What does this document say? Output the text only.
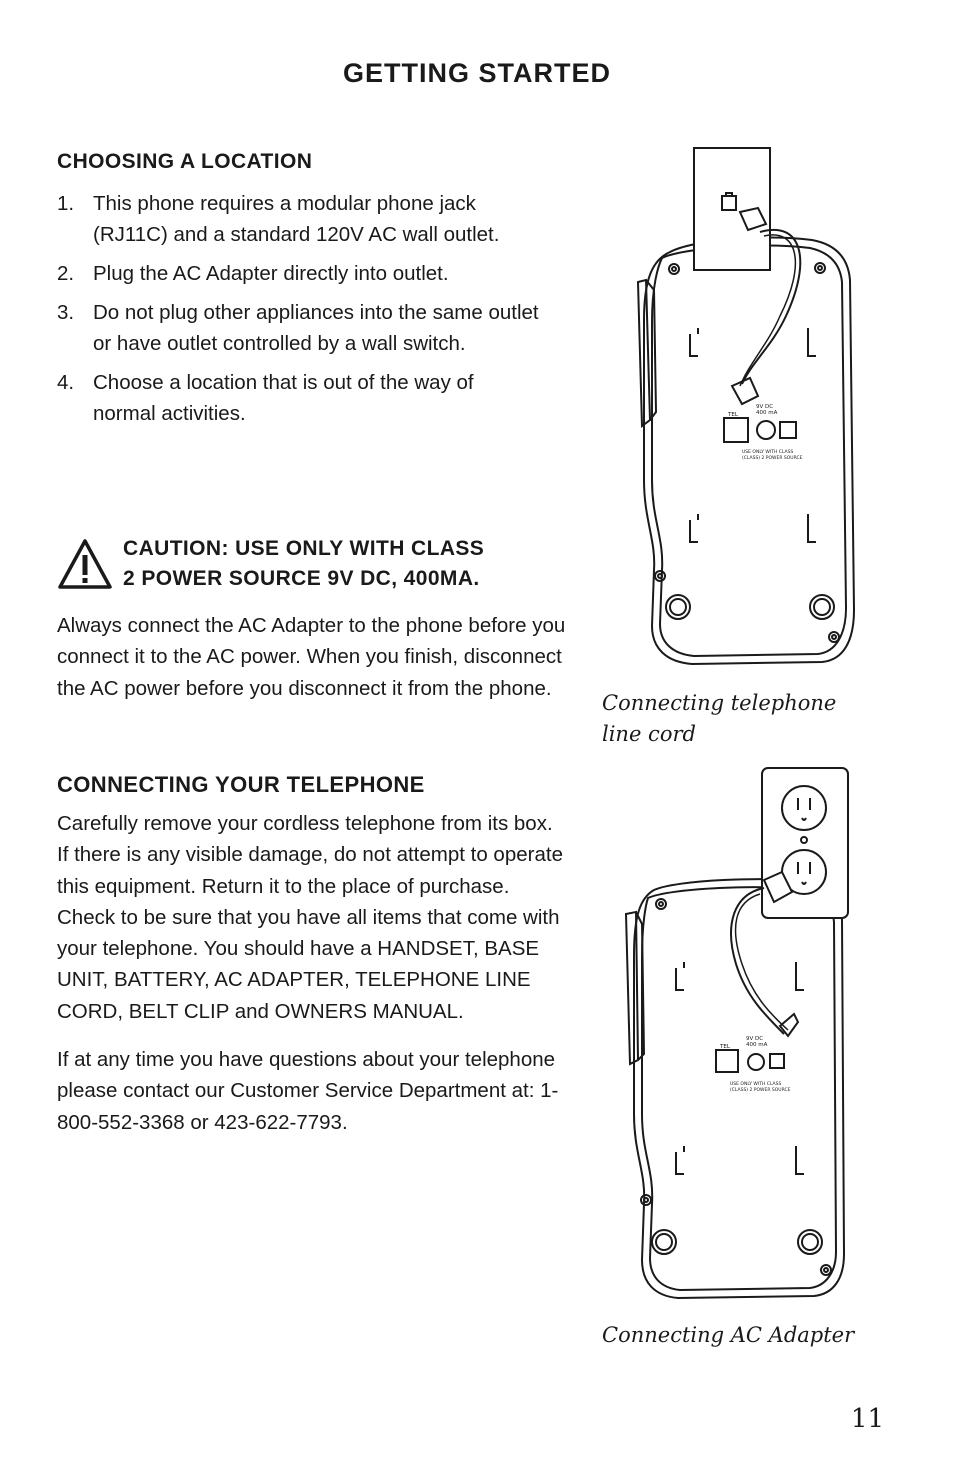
GETTING STARTED
CHOOSING A LOCATION
1. This phone requires a modular phone jack (RJ11C) and a standard 120V AC wall outlet.
2. Plug the AC Adapter directly into outlet.
3. Do not plug other appliances into the same outlet or have outlet controlled by a wall switch.
4. Choose a location that is out of the way of normal activities.
CAUTION: USE ONLY WITH CLASS
2 POWER SOURCE 9V DC, 400MA.

Always connect the AC Adapter to the phone before you connect it to the AC power. When you finish, disconnect the AC power before you disconnect it from the phone.

CONNECTING YOUR TELEPHONE

Carefully remove your cordless telephone from its box. If there is any visible damage, do not attempt to operate this equipment. Return it to the place of purchase. Check to be sure that you have all items that come with your telephone. You should have a HANDSET, BASE UNIT, BATTERY, AC ADAPTER, TELEPHONE LINE CORD, BELT CLIP and OWNERS MANUAL.

If at any time you have questions about your telephone please contact our Customer Service Department at: 1-800-552-3368 or 423-622-7793.

TEL
9V DC
400 mA
USE ONLY WITH CLASS
(CLASS) 2 POWER SOURCE
Connecting telephone
line cord
TEL
9V DC
400 mA
USE ONLY WITH CLASS
(CLASS) 2 POWER SOURCE
Connecting AC Adapter
11
